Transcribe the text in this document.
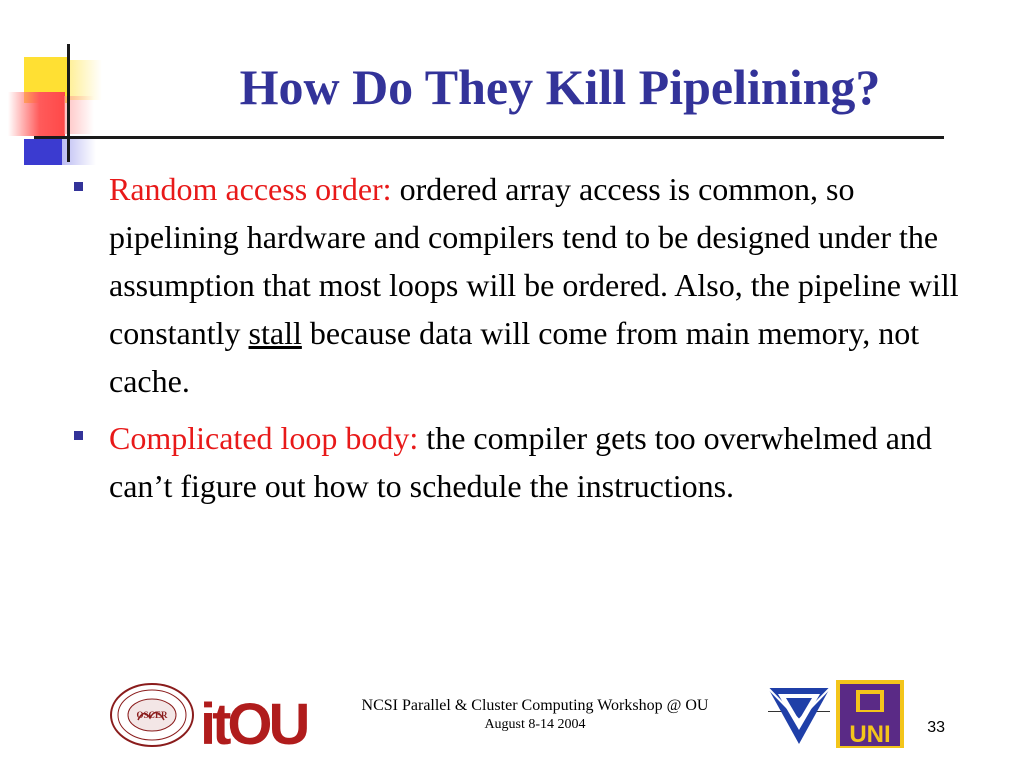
How Do They Kill Pipelining?
Random access order: ordered array access is common, so pipelining hardware and compilers tend to be designed under the assumption that most loops will be ordered. Also, the pipeline will constantly stall because data will come from main memory, not cache.
Complicated loop body: the compiler gets too overwhelmed and can’t figure out how to schedule the instructions.
OSCER itOU	NCSI Parallel & Cluster Computing Workshop @ OU
August 8-14 2004	UNI	33
